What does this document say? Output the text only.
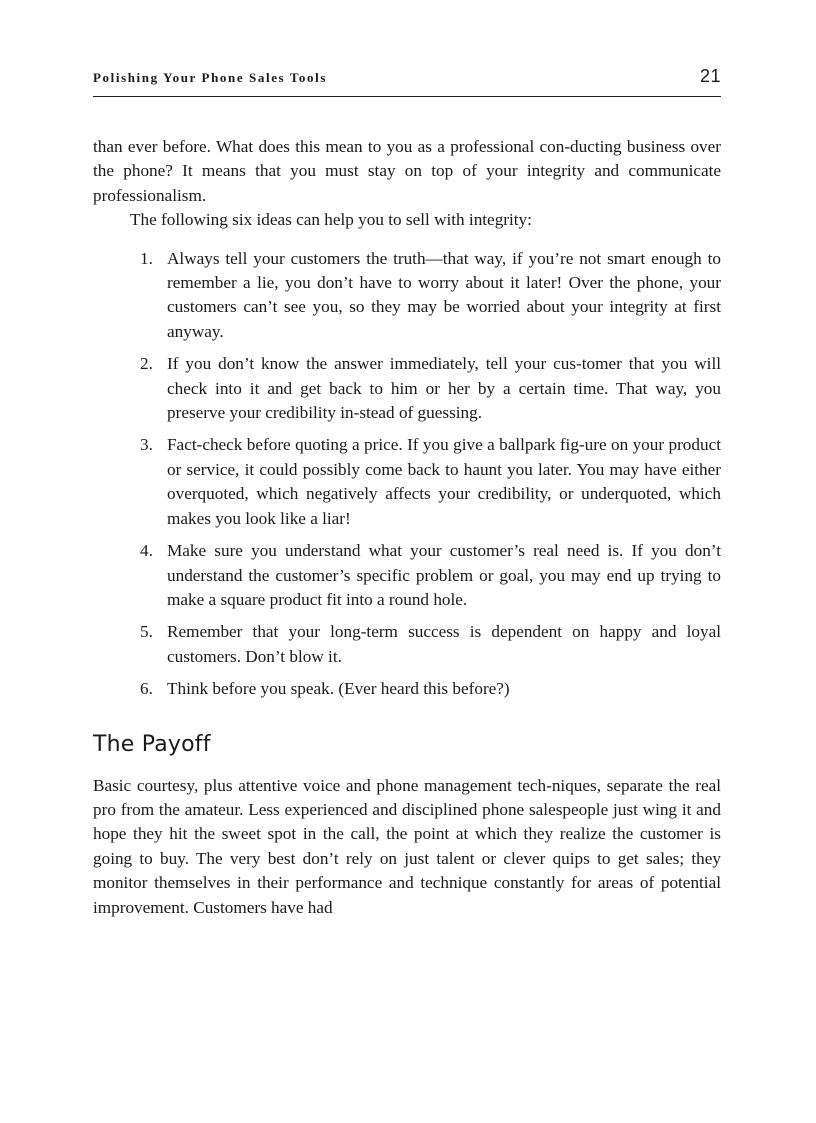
Polishing Your Phone Sales Tools	21

than ever before. What does this mean to you as a professional con-ducting business over the phone? It means that you must stay on top of your integrity and communicate professionalism.

The following six ideas can help you to sell with integrity:

1. Always tell your customers the truth—that way, if you’re not smart enough to remember a lie, you don’t have to worry about it later! Over the phone, your customers can’t see you, so they may be worried about your integrity at first anyway.
2. If you don’t know the answer immediately, tell your cus-tomer that you will check into it and get back to him or her by a certain time. That way, you preserve your credibility in-stead of guessing.
3. Fact-check before quoting a price. If you give a ballpark fig-ure on your product or service, it could possibly come back to haunt you later. You may have either overquoted, which negatively affects your credibility, or underquoted, which makes you look like a liar!
4. Make sure you understand what your customer’s real need is. If you don’t understand the customer’s specific problem or goal, you may end up trying to make a square product fit into a round hole.
5. Remember that your long-term success is dependent on happy and loyal customers. Don’t blow it.
6. Think before you speak. (Ever heard this before?)
The Payoff

Basic courtesy, plus attentive voice and phone management tech-niques, separate the real pro from the amateur. Less experienced and disciplined phone salespeople just wing it and hope they hit the sweet spot in the call, the point at which they realize the customer is going to buy. The very best don’t rely on just talent or clever quips to get sales; they monitor themselves in their performance and technique constantly for areas of potential improvement. Customers have had
